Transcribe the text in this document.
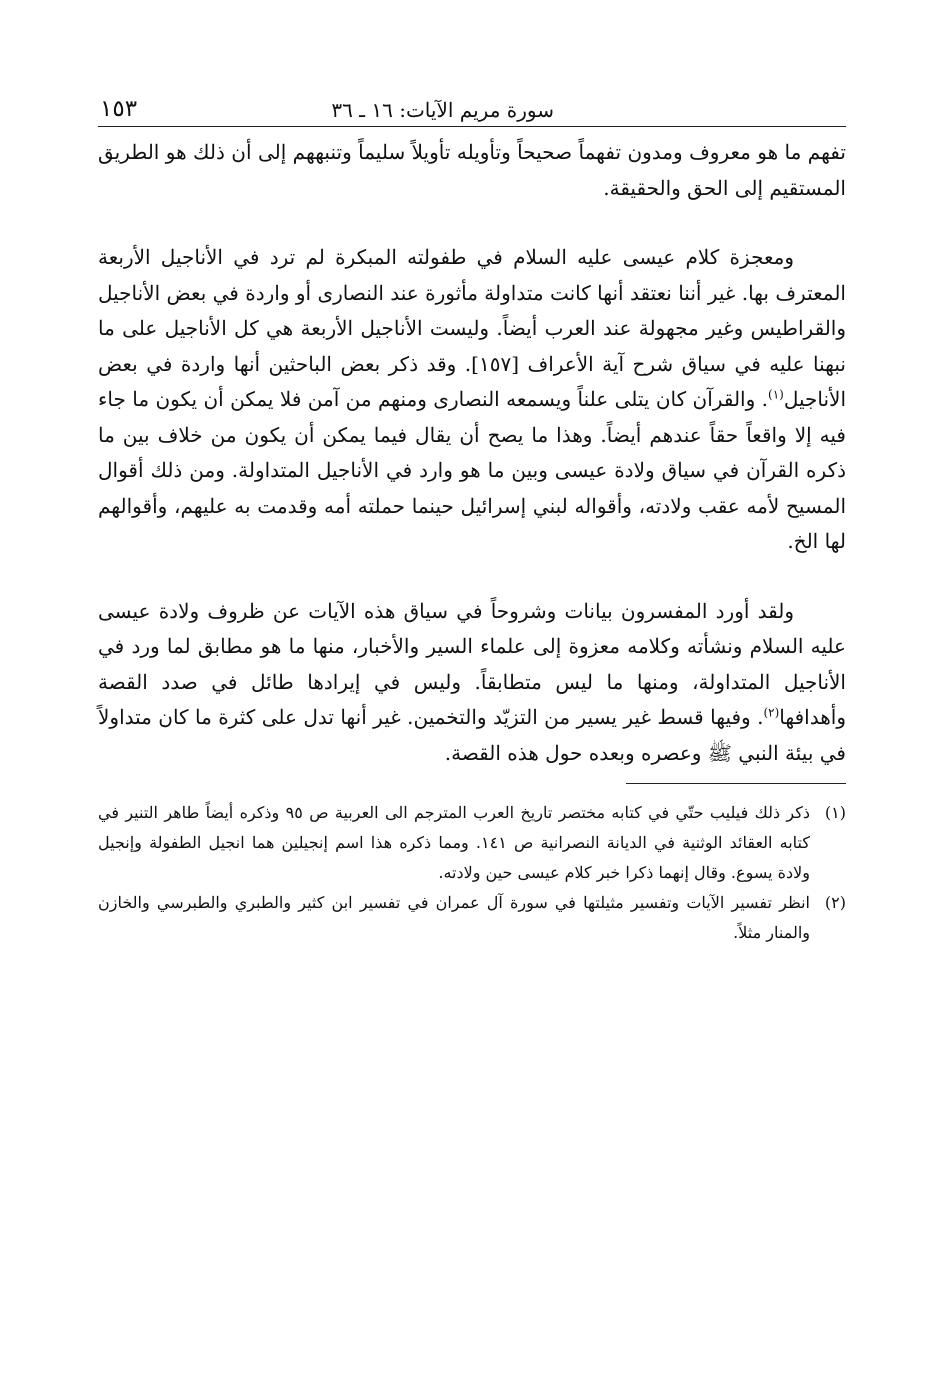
سورة مريم الآيات: ١٦ ـ ٣٦
١٥٣

تفهم ما هو معروف ومدون تفهماً صحيحاً وتأويله تأويلاً سليماً وتنبههم إلى أن ذلك هو الطريق المستقيم إلى الحق والحقيقة.

ومعجزة كلام عيسى عليه السلام في طفولته المبكرة لم ترد في الأناجيل الأربعة المعترف بها. غير أننا نعتقد أنها كانت متداولة مأثورة عند النصارى أو واردة في بعض الأناجيل والقراطيس وغير مجهولة عند العرب أيضاً. وليست الأناجيل الأربعة هي كل الأناجيل على ما نبهنا عليه في سياق شرح آية الأعراف [١٥٧]. وقد ذكر بعض الباحثين أنها واردة في بعض الأناجيل$^{(١)}$. والقرآن كان يتلى علناً ويسمعه النصارى ومنهم من آمن فلا يمكن أن يكون ما جاء فيه إلا واقعاً حقاً عندهم أيضاً. وهذا ما يصح أن يقال فيما يمكن أن يكون من خلاف بين ما ذكره القرآن في سياق ولادة عيسى وبين ما هو وارد في الأناجيل المتداولة. ومن ذلك أقوال المسيح لأمه عقب ولادته، وأقواله لبني إسرائيل حينما حملته أمه وقدمت به عليهم، وأقوالهم لها الخ.

ولقد أورد المفسرون بيانات وشروحاً في سياق هذه الآيات عن ظروف ولادة عيسى عليه السلام ونشأته وكلامه معزوة إلى علماء السير والأخبار، منها ما هو مطابق لما ورد في الأناجيل المتداولة، ومنها ما ليس متطابقاً. وليس في إيرادها طائل في صدد القصة وأهدافها$^{(٢)}$. وفيها قسط غير يسير من التزيّد والتخمين. غير أنها تدل على كثرة ما كان متداولاً في بيئة النبي ﷺ وعصره وبعده حول هذه القصة.

(١)
ذكر ذلك فيليب حتّي في كتابه مختصر تاريخ العرب المترجم الى العربية ص ٩٥ وذكره أيضاً طاهر التنير في كتابه العقائد الوثنية في الديانة النصرانية ص ١٤١. ومما ذكره هذا اسم إنجيلين هما انجيل الطفولة وإنجيل ولادة يسوع. وقال إنهما ذكرا خبر كلام عيسى حين ولادته.
(٢)
انظر تفسير الآيات وتفسير مثيلتها في سورة آل عمران في تفسير ابن كثير والطبري والطبرسي والخازن والمنار مثلاً.
